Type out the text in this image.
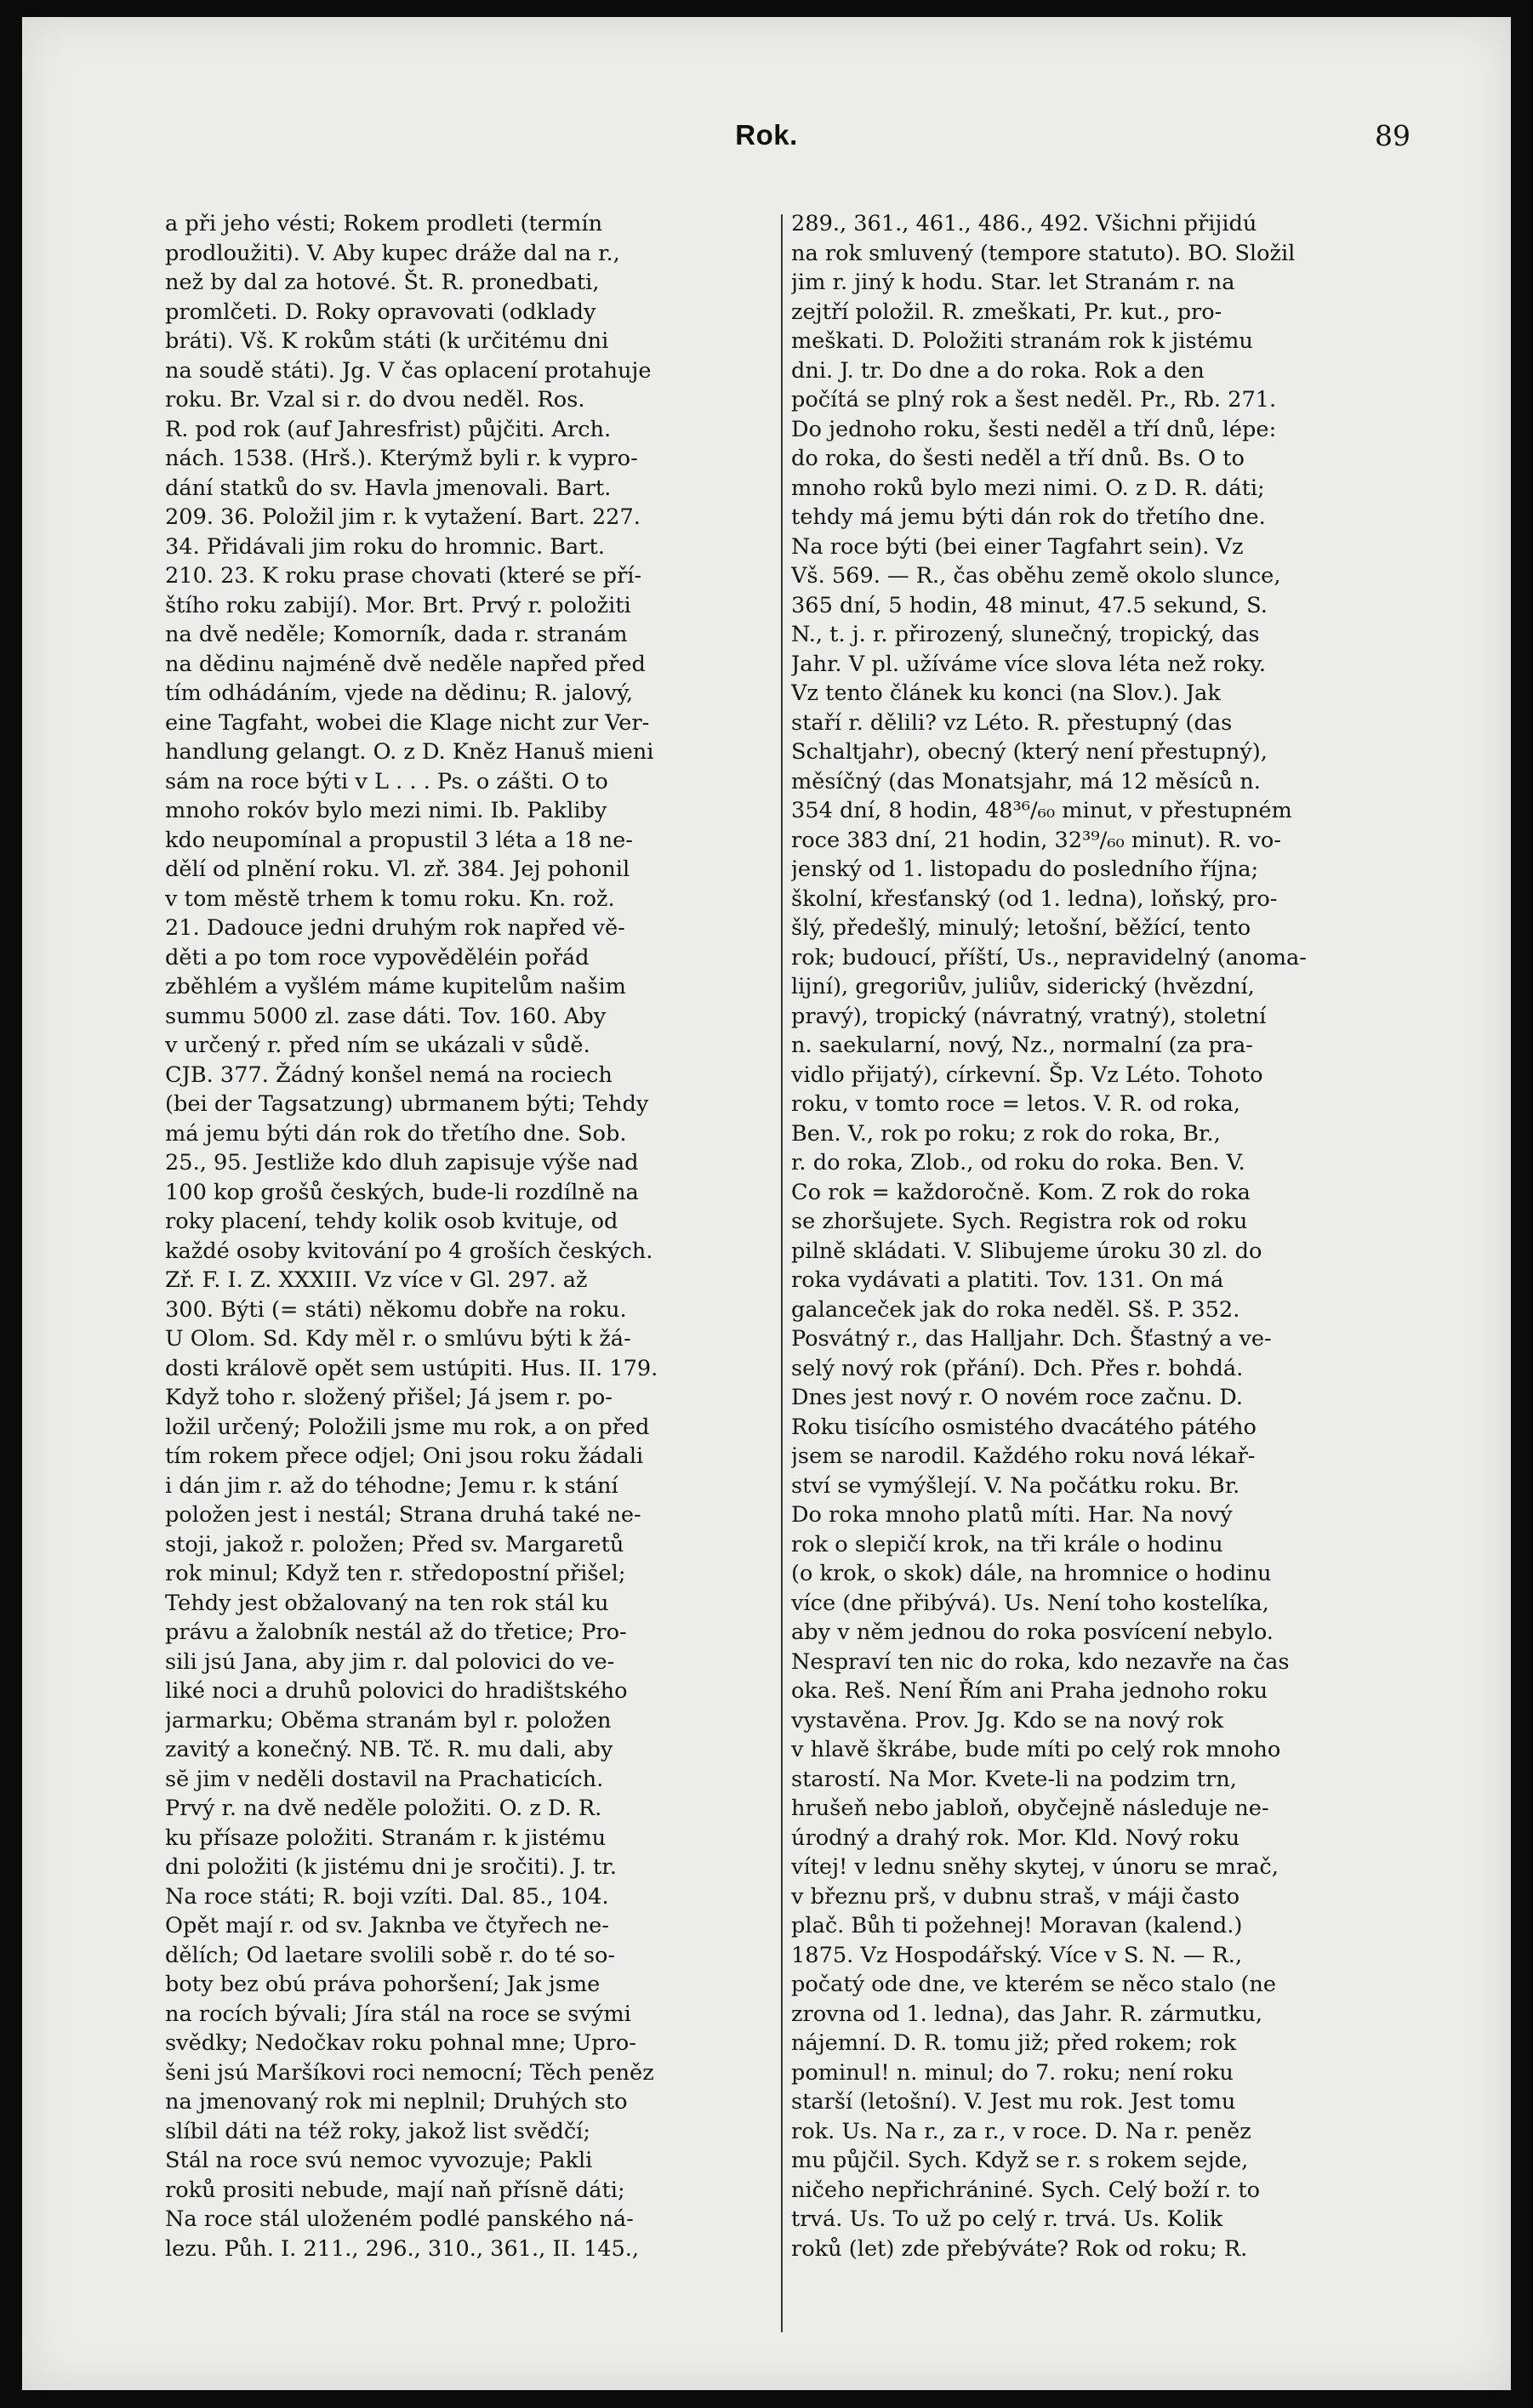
Rok.	89
a při jeho vésti; Rokem prodleti (termín
prodloužiti). V. Aby kupec dráže dal na r.,
než by dal za hotové. Št. R. pronedbati,
promlčeti. D. Roky opravovati (odklady
bráti). Vš. K rokům státi (k určitému dni
na soudě státi). Jg. V čas oplacení protahuje
roku. Br. Vzal si r. do dvou neděl. Ros.
R. pod rok (auf Jahresfrist) půjčiti. Arch.
nách. 1538. (Hrš.). Kterýmž byli r. k vypro-
dání statků do sv. Havla jmenovali. Bart.
209. 36. Položil jim r. k vytažení. Bart. 227.
34. Přidávali jim roku do hromnic. Bart.
210. 23. K roku prase chovati (které se pří-
štího roku zabijí). Mor. Brt. Prvý r. položiti
na dvě neděle; Komorník, dada r. stranám
na dědinu najméně dvě neděle napřed před
tím odhádáním, vjede na dědinu; R. jalový,
eine Tagfaht, wobei die Klage nicht zur Ver-
handlung gelangt. O. z D. Kněz Hanuš mieni
sám na roce býti v L . . . Ps. o zášti. O to
mnoho rokóv bylo mezi nimi. Ib. Pakliby
kdo neupomínal a propustil 3 léta a 18 ne-
dělí od plnění roku. Vl. zř. 384. Jej pohonil
v tom městě trhem k tomu roku. Kn. rož.
21. Dadouce jedni druhým rok napřed vě-
děti a po tom roce vypověděléin pořád
zběhlém a vyšlém máme kupitelům našim
summu 5000 zl. zase dáti. Tov. 160. Aby
v určený r. před ním se ukázali v sůdě.
CJB. 377. Žádný konšel nemá na rociech
(bei der Tagsatzung) ubrmanem býti; Tehdy
má jemu býti dán rok do třetího dne. Sob.
25., 95. Jestliže kdo dluh zapisuje výše nad
100 kop grošů českých, bude-li rozdílně na
roky placení, tehdy kolik osob kvituje, od
každé osoby kvitování po 4 groších českých.
Zř. F. I. Z. XXXIII. Vz více v Gl. 297. až
300. Býti (= státi) někomu dobře na roku.
U Olom. Sd. Kdy měl r. o smlúvu býti k žá-
dosti královĕ opět sem ustúpiti. Hus. II. 179.
Když toho r. složený přišel; Já jsem r. po-
ložil určený; Položili jsme mu rok, a on před
tím rokem přece odjel; Oni jsou roku žádali
i dán jim r. až do téhodne; Jemu r. k stání
položen jest i nestál; Strana druhá také ne-
stoji, jakož r. položen; Před sv. Margaretů
rok minul; Když ten r. středopostní přišel;
Tehdy jest obžalovaný na ten rok stál ku
právu a žalobník nestál až do třetice; Pro-
sili jsú Jana, aby jim r. dal polovici do ve-
liké noci a druhů polovici do hradištského
jarmarku; Oběma stranám byl r. položen
zavitý a konečný. NB. Tč. R. mu dali, aby
sĕ jim v neděli dostavil na Prachaticích.
Prvý r. na dvě neděle položiti. O. z D. R.
ku přísaze položiti. Stranám r. k jistému
dni položiti (k jistému dni je sročiti). J. tr.
Na roce státi; R. boji vzíti. Dal. 85., 104.
Opět mají r. od sv. Jaknba ve čtyřech ne-
dělích; Od laetare svolili sobě r. do té so-
boty bez obú práva pohoršení; Jak jsme
na rocích bývali; Jíra stál na roce se svými
svědky; Nedočkav roku pohnal mne; Upro-
šeni jsú Maršíkovi roci nemocní; Těch peněz
na jmenovaný rok mi neplnil; Druhých sto
slíbil dáti na též roky, jakož list svědčí;
Stál na roce svú nemoc vyvozuje; Pakli
roků prositi nebude, mají naň přísnĕ dáti;
Na roce stál uloženém podlé panského ná-
lezu. Půh. I. 211., 296., 310., 361., II. 145.,
289., 361., 461., 486., 492. Všichni přijidú
na rok smluvený (tempore statuto). BO. Složil
jim r. jiný k hodu. Star. let Stranám r. na
zejtří položil. R. zmeškati, Pr. kut., pro-
meškati. D. Položiti stranám rok k jistému
dni. J. tr. Do dne a do roka. Rok a den
počítá se plný rok a šest neděl. Pr., Rb. 271.
Do jednoho roku, šesti neděl a tří dnů, lépe:
do roka, do šesti neděl a tří dnů. Bs. O to
mnoho roků bylo mezi nimi. O. z D. R. dáti;
tehdy má jemu býti dán rok do třetího dne.
Na roce býti (bei einer Tagfahrt sein). Vz
Vš. 569. — R., čas oběhu země okolo slunce,
365 dní, 5 hodin, 48 minut, 47.5 sekund, S.
N., t. j. r. přirozený, slunečný, tropický, das
Jahr. V pl. užíváme více slova léta než roky.
Vz tento článek ku konci (na Slov.). Jak
staří r. dělili? vz Léto. R. přestupný (das
Schaltjahr), obecný (který není přestupný),
měsíčný (das Monatsjahr, má 12 měsíců n.
354 dní, 8 hodin, 48³⁶/₆₀ minut, v přestupném
roce 383 dní, 21 hodin, 32³⁹/₆₀ minut). R. vo-
jenský od 1. listopadu do posledního října;
školní, křesťanský (od 1. ledna), loňský, pro-
šlý, předešlý, minulý; letošní, běžící, tento
rok; budoucí, příští, Us., nepravidelný (anoma-
lijní), gregoriův, juliův, siderický (hvězdní,
pravý), tropický (návratný, vratný), stoletní
n. saekularní, nový, Nz., normalní (za pra-
vidlo přijatý), církevní. Šp. Vz Léto. Tohoto
roku, v tomto roce = letos. V. R. od roka,
Ben. V., rok po roku; z rok do roka, Br.,
r. do roka, Zlob., od roku do roka. Ben. V.
Co rok = každoročně. Kom. Z rok do roka
se zhoršujete. Sych. Registra rok od roku
pilně skládati. V. Slibujeme úroku 30 zl. do
roka vydávati a platiti. Tov. 131. On má
galanceček jak do roka neděl. Sš. P. 352.
Posvátný r., das Halljahr. Dch. Šťastný a ve-
selý nový rok (přání). Dch. Přes r. bohdá.
Dnes jest nový r. O novém roce začnu. D.
Roku tisícího osmistého dvacátého pátého
jsem se narodil. Každého roku nová lékař-
ství se vymýšlejí. V. Na počátku roku. Br.
Do roka mnoho platů míti. Har. Na nový
rok o slepičí krok, na tři krále o hodinu
(o krok, o skok) dále, na hromnice o hodinu
více (dne přibývá). Us. Není toho kostelíka,
aby v něm jednou do roka posvícení nebylo.
Nespraví ten nic do roka, kdo nezavře na čas
oka. Reš. Není Řím ani Praha jednoho roku
vystavěna. Prov. Jg. Kdo se na nový rok
v hlavě škrábe, bude míti po celý rok mnoho
starostí. Na Mor. Kvete-li na podzim trn,
hrušeň nebo jabloň, obyčejně následuje ne-
úrodný a drahý rok. Mor. Kld. Nový roku
vítej! v lednu sněhy skytej, v únoru se mrač,
v březnu prš, v dubnu straš, v máji často
plač. Bůh ti požehnej! Moravan (kalend.)
1875. Vz Hospodářský. Více v S. N. — R.,
počatý ode dne, ve kterém se něco stalo (ne
zrovna od 1. ledna), das Jahr. R. zármutku,
nájemní. D. R. tomu již; před rokem; rok
pominul! n. minul; do 7. roku; není roku
starší (letošní). V. Jest mu rok. Jest tomu
rok. Us. Na r., za r., v roce. D. Na r. peněz
mu půjčil. Sych. Když se r. s rokem sejde,
ničeho nepřichrániné. Sych. Celý boží r. to
trvá. Us. To už po celý r. trvá. Us. Kolik
roků (let) zde přebýváte? Rok od roku; R.
